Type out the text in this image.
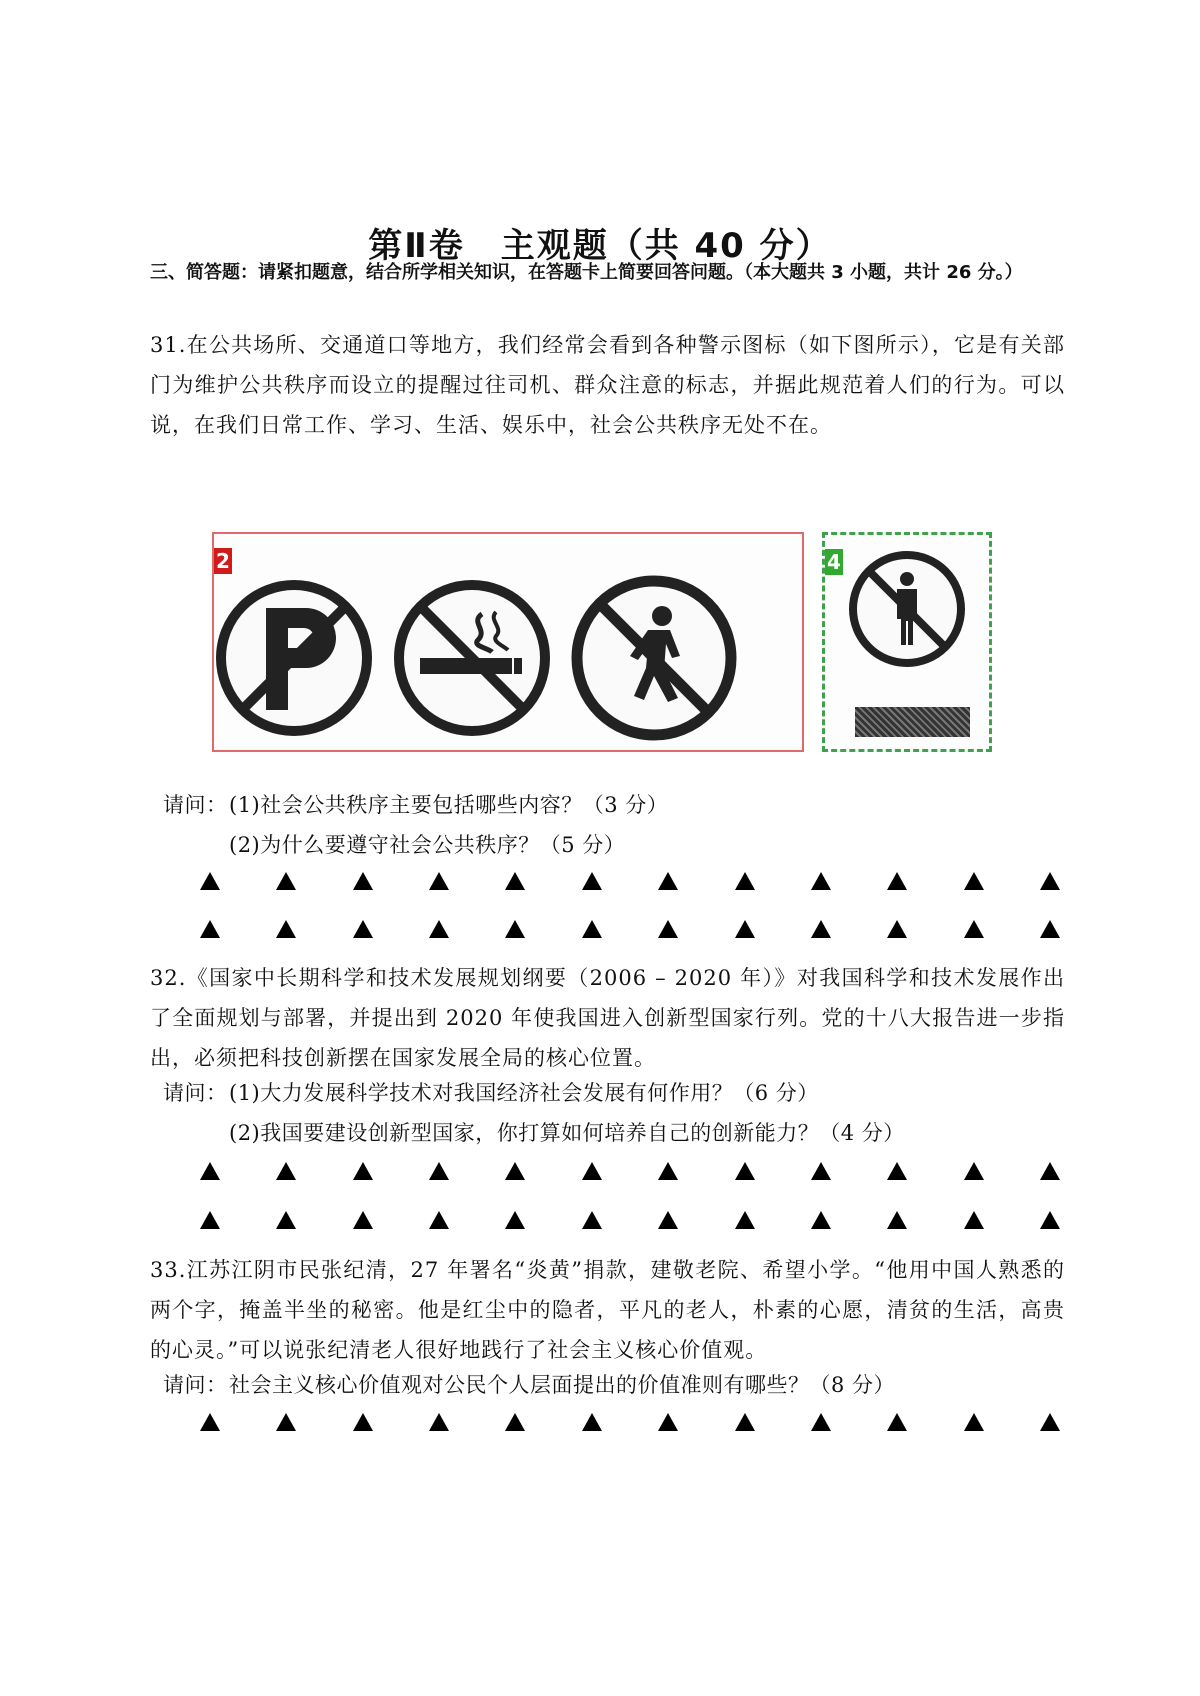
第Ⅱ卷　主观题（共 40 分）
三、简答题：请紧扣题意，结合所学相关知识，在答题卡上简要回答问题。（本大题共 3 小题，共计 26 分。）
31.在公共场所、交通道口等地方，我们经常会看到各种警示图标（如下图所示），它是有关部门为维护公共秩序而设立的提醒过往司机、群众注意的标志，并据此规范着人们的行为。可以说，在我们日常工作、学习、生活、娱乐中，社会公共秩序无处不在。
2	4
请问： (1)社会公共秩序主要包括哪些内容？（3 分）
(2)为什么要遵守社会公共秩序？（5 分）
32.《国家中长期科学和技术发展规划纲要（2006 – 2020 年）》对我国科学和技术发展作出了全面规划与部署，并提出到 2020 年使我国进入创新型国家行列。党的十八大报告进一步指出，必须把科技创新摆在国家发展全局的核心位置。
请问： (1)大力发展科学技术对我国经济社会发展有何作用？（6 分）
(2)我国要建设创新型国家，你打算如何培养自己的创新能力？（4 分）
33.江苏江阴市民张纪清，27 年署名“炎黄”捐款，建敬老院、希望小学。“他用中国人熟悉的两个字，掩盖半坐的秘密。他是红尘中的隐者，平凡的老人，朴素的心愿，清贫的生活，高贵的心灵。”可以说张纪清老人很好地践行了社会主义核心价值观。
请问： 社会主义核心价值观对公民个人层面提出的价值准则有哪些？（8 分）
